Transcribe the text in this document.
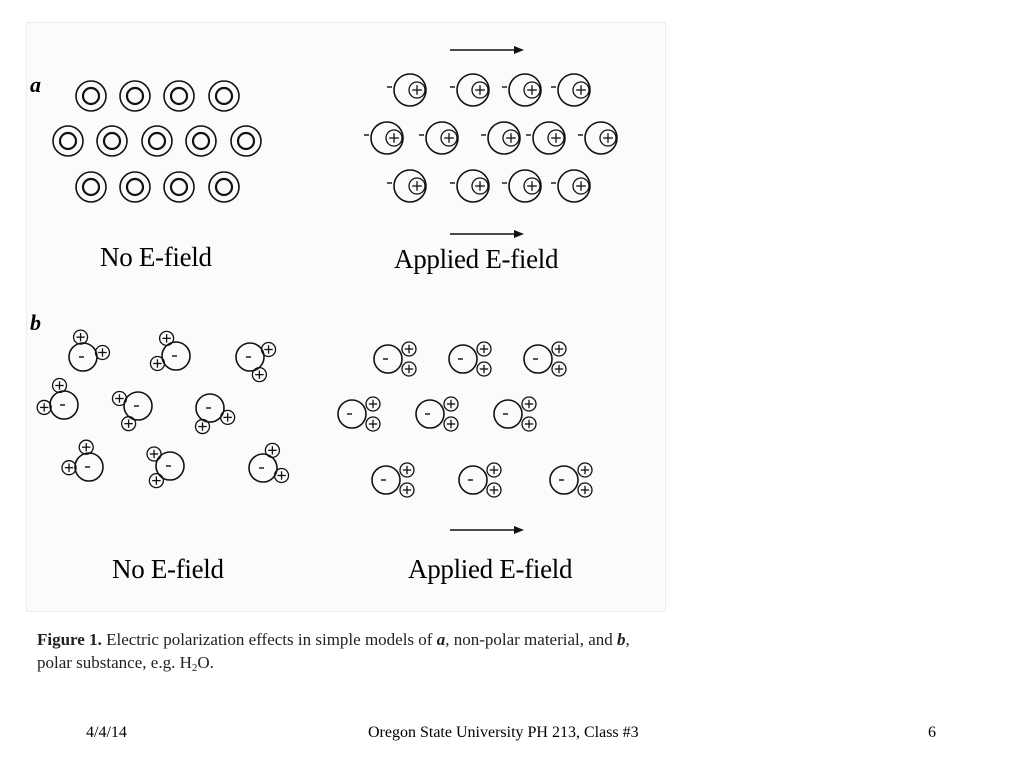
a
b
No E-field	Applied E-field
No E-field	Applied E-field
Figure 1. Electric polarization effects in simple models of a, non-polar material, and b, polar substance, e.g. $H_2O$.
4/4/14	Oregon State University PH 213, Class #3	6
